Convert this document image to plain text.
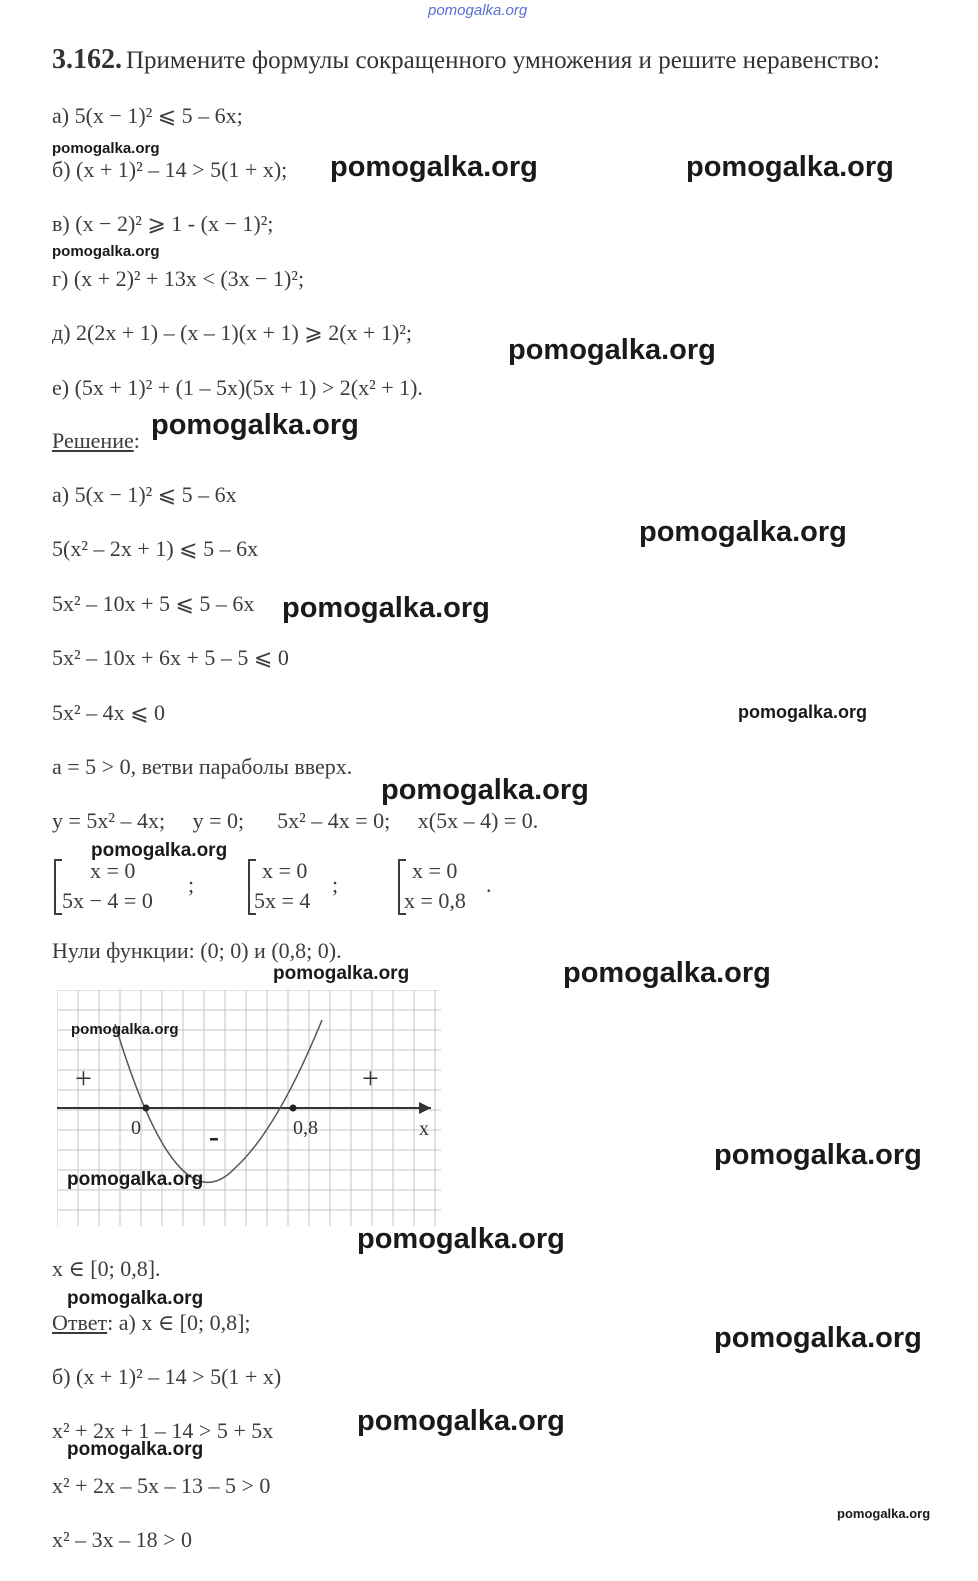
pomogalka.org
3.162. Примените формулы сокращенного умножения и решите неравенство:
а) 5(x − 1)² ⩽ 5 – 6x;
б) (x + 1)² – 14 > 5(1 + x);
в) (x − 2)² ⩾ 1 - (x − 1)²;
г) (x + 2)² + 13x < (3x − 1)²;
д) 2(2x + 1) – (x – 1)(x + 1) ⩾ 2(x + 1)²;
е) (5x + 1)² + (1 – 5x)(5x + 1) > 2(x² + 1).
Решение:
а) 5(x − 1)² ⩽ 5 – 6x
5(x² – 2x + 1) ⩽ 5 – 6x
5x² – 10x + 5 ⩽ 5 – 6x
5x² – 10x + 6x + 5 – 5 ⩽ 0
5x² – 4x ⩽ 0
a = 5 > 0, ветви параболы вверх.
y = 5x² – 4x;     y = 0;      5x² – 4x = 0;     x(5x – 4) = 0.
x = 0
5x − 4 = 0
;
x = 0
5x = 4
;
x = 0
x = 0,8
.
Нули функции: (0; 0) и (0,8; 0).
+	+
-
0	0,8	x
x ∈ [0; 0,8].
Ответ: а) x ∈ [0; 0,8];
б) (x + 1)² – 14 > 5(1 + x)
x² + 2x + 1 – 14 > 5 + 5x
x² + 2x – 5x – 13 – 5 > 0
x² – 3x – 18 > 0
pomogalka.org
pomogalka.org	pomogalka.org
pomogalka.org
pomogalka.org
pomogalka.org
pomogalka.org
pomogalka.org
pomogalka.org
pomogalka.org
pomogalka.org
pomogalka.org	pomogalka.org
pomogalka.org
pomogalka.org
pomogalka.org
pomogalka.org
pomogalka.org
pomogalka.org
pomogalka.org
pomogalka.org
pomogalka.org
